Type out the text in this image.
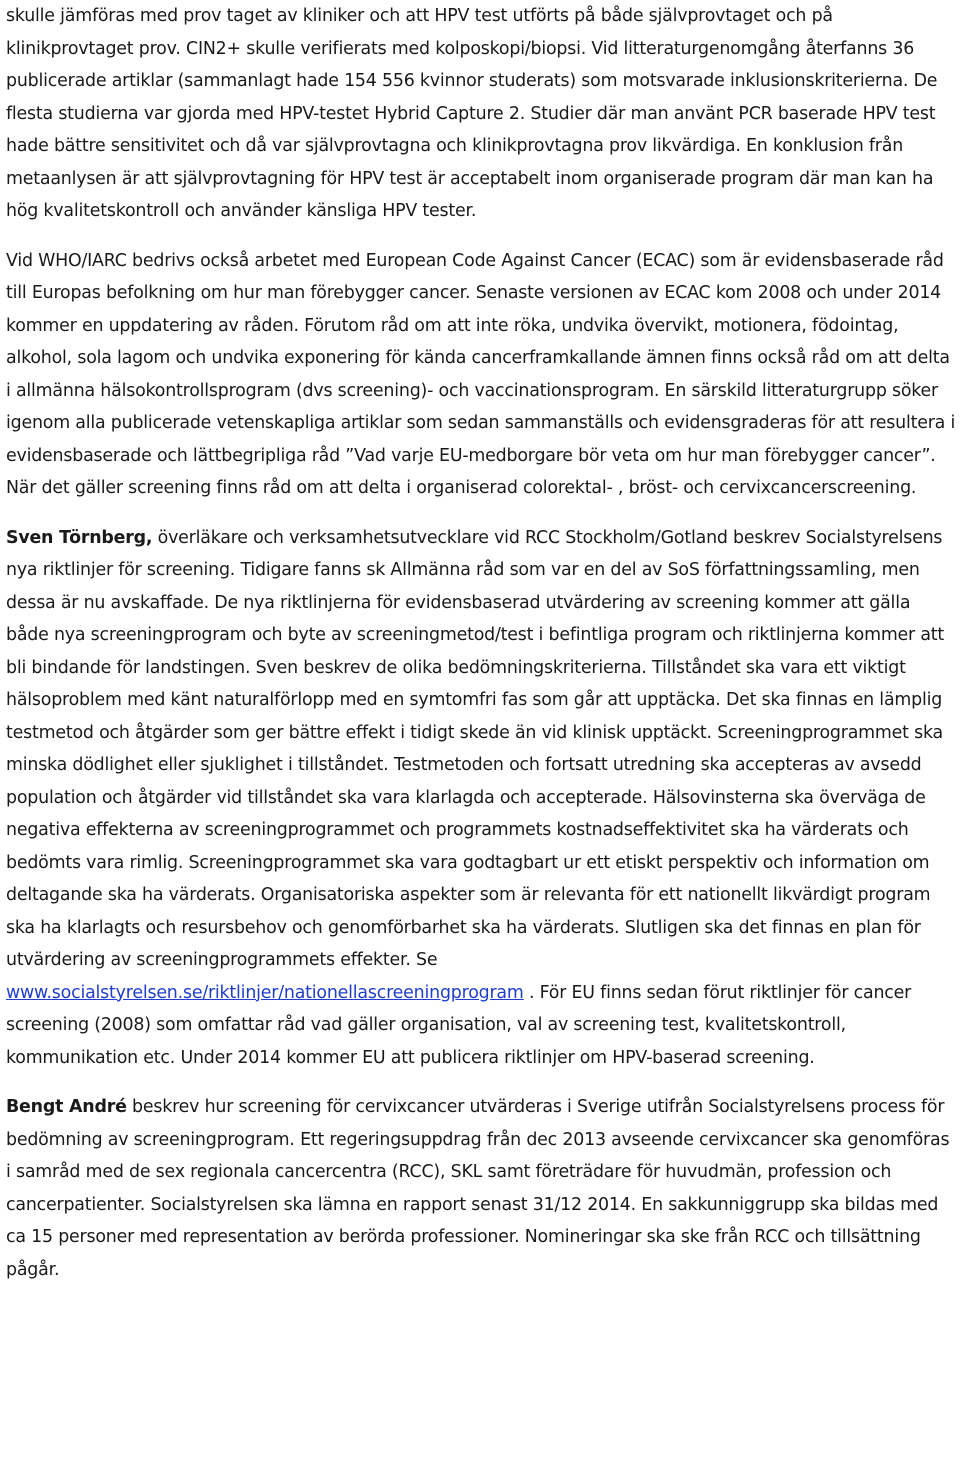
skulle jämföras med prov taget av kliniker och att HPV test utförts på både självprovtaget och på klinikprovtaget prov. CIN2+ skulle verifierats med kolposkopi/biopsi. Vid litteraturgenomgång återfanns 36 publicerade artiklar (sammanlagt hade 154 556 kvinnor studerats) som motsvarade inklusionskriterierna. De flesta studierna var gjorda med HPV-testet Hybrid Capture 2. Studier där man använt PCR baserade HPV test hade bättre sensitivitet och då var självprovtagna och klinikprovtagna prov likvärdiga. En konklusion från metaanlysen är att självprovtagning för HPV test är acceptabelt inom organiserade program där man kan ha hög kvalitetskontroll och använder känsliga HPV tester.

Vid WHO/IARC bedrivs också arbetet med European Code Against Cancer (ECAC) som är evidensbaserade råd till Europas befolkning om hur man förebygger cancer. Senaste versionen av ECAC kom 2008 och under 2014 kommer en uppdatering av råden. Förutom råd om att inte röka, undvika övervikt, motionera, födointag, alkohol, sola lagom och undvika exponering för kända cancerframkallande ämnen finns också råd om att delta i allmänna hälsokontrollsprogram (dvs screening)- och vaccinationsprogram. En särskild litteraturgrupp söker igenom alla publicerade vetenskapliga artiklar som sedan sammanställs och evidensgraderas för att resultera i evidensbaserade och lättbegripliga råd ”Vad varje EU-medborgare bör veta om hur man förebygger cancer”. När det gäller screening finns råd om att delta i organiserad colorektal- , bröst- och cervixcancerscreening.

Sven Törnberg, överläkare och verksamhetsutvecklare vid RCC Stockholm/Gotland beskrev Socialstyrelsens nya riktlinjer för screening. Tidigare fanns sk Allmänna råd som var en del av SoS författningssamling, men dessa är nu avskaffade. De nya riktlinjerna för evidensbaserad utvärdering av screening kommer att gälla både nya screeningprogram och byte av screeningmetod/test i befintliga program och riktlinjerna kommer att bli bindande för landstingen. Sven beskrev de olika bedömningskriterierna. Tillståndet ska vara ett viktigt hälsoproblem med känt naturalförlopp med en symtomfri fas som går att upptäcka. Det ska finnas en lämplig testmetod och åtgärder som ger bättre effekt i tidigt skede än vid klinisk upptäckt. Screeningprogrammet ska minska dödlighet eller sjuklighet i tillståndet. Testmetoden och fortsatt utredning ska accepteras av avsedd population och åtgärder vid tillståndet ska vara klarlagda och accepterade. Hälsovinsterna ska överväga de negativa effekterna av screeningprogrammet och programmets kostnadseffektivitet ska ha värderats och bedömts vara rimlig. Screeningprogrammet ska vara godtagbart ur ett etiskt perspektiv och information om deltagande ska ha värderats. Organisatoriska aspekter som är relevanta för ett nationellt likvärdigt program ska ha klarlagts och resursbehov och genomförbarhet ska ha värderats. Slutligen ska det finnas en plan för utvärdering av screeningprogrammets effekter. Se www.socialstyrelsen.se/riktlinjer/nationellascreeningprogram . För EU finns sedan förut riktlinjer för cancer screening (2008) som omfattar råd vad gäller organisation, val av screening test, kvalitetskontroll, kommunikation etc. Under 2014 kommer EU att publicera riktlinjer om HPV-baserad screening.

Bengt André beskrev hur screening för cervixcancer utvärderas i Sverige utifrån Socialstyrelsens process för bedömning av screeningprogram. Ett regeringsuppdrag från dec 2013 avseende cervixcancer ska genomföras i samråd med de sex regionala cancercentra (RCC), SKL samt företrädare för huvudmän, profession och cancerpatienter. Socialstyrelsen ska lämna en rapport senast 31/12 2014. En sakkunniggrupp ska bildas med ca 15 personer med representation av berörda professioner. Nomineringar ska ske från RCC och tillsättning pågår.
